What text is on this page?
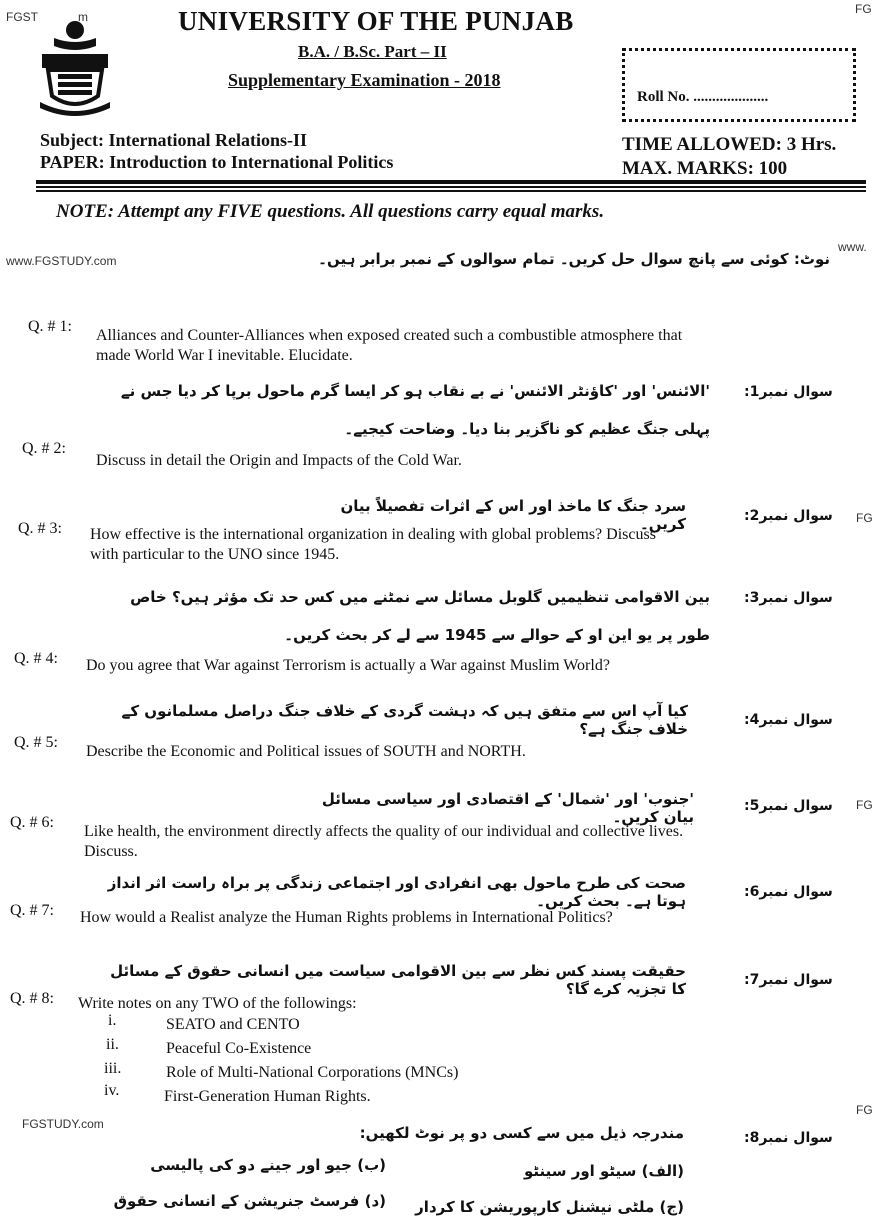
FGST	m
FG
www.
www.FGSTUDY.com
FG
FG
FG
FGSTUDY.com
UNIVERSITY OF THE PUNJAB
B.A. / B.Sc. Part – II
Supplementary Examination - 2018
Roll No. ....................
Subject: International Relations-II
PAPER: Introduction to International Politics
TIME ALLOWED: 3 Hrs.
MAX. MARKS: 100
NOTE: Attempt any FIVE questions. All questions carry equal marks.
نوٹ: کوئی سے پانچ سوال حل کریں۔ تمام سوالوں کے نمبر برابر ہیں۔
Q. # 1:
Alliances and Counter-Alliances when exposed created such a combustible atmosphere that made World War I inevitable. Elucidate.
'الائنس' اور 'کاؤنٹر الائنس' نے بے نقاب ہو کر ایسا گرم ماحول برپا کر دیا جس نے پہلی جنگ عظیم کو ناگزیر بنا دیا۔ وضاحت کیجیے۔
سوال نمبر1:
Q. # 2:
Discuss in detail the Origin and Impacts of the Cold War.
سرد جنگ کا ماخذ اور اس کے اثرات تفصیلاً بیان کریں۔	سوال نمبر2:
Q. # 3: How effective is the international organization in dealing with global problems? Discuss with particular to the UNO since 1945.
بین الاقوامی تنظیمیں گلوبل مسائل سے نمٹنے میں کس حد تک مؤثر ہیں؟ خاص طور پر یو این او کے حوالے سے 1945 سے لے کر بحث کریں۔
سوال نمبر3:
Q. # 4: Do you agree that War against Terrorism is actually a War against Muslim World?
کیا آپ اس سے متفق ہیں کہ دہشت گردی کے خلاف جنگ دراصل مسلمانوں کے خلاف جنگ ہے؟	سوال نمبر4:
Q. # 5:
Describe the Economic and Political issues of SOUTH and NORTH.
'جنوب' اور 'شمال' کے اقتصادی اور سیاسی مسائل بیان کریں۔
سوال نمبر5:
Q. # 6:
Like health, the environment directly affects the quality of our individual and collective lives. Discuss.
صحت کی طرح ماحول بھی انفرادی اور اجتماعی زندگی پر براہ راست اثر انداز ہوتا ہے۔ بحث کریں۔	سوال نمبر6:
Q. # 7: How would a Realist analyze the Human Rights problems in International Politics?
حقیقت پسند کس نظر سے بین الاقوامی سیاست میں انسانی حقوق کے مسائل کا تجزیہ کرے گا؟	سوال نمبر7:
Q. # 8: Write notes on any TWO of the followings:
i.	SEATO and CENTO
ii.	Peaceful Co-Existence
iii.	Role of Multi-National Corporations (MNCs)
iv.	First-Generation Human Rights.
مندرجہ ذیل میں سے کسی دو پر نوٹ لکھیں:	سوال نمبر8:
(ب) جیو اور جینے دو کی پالیسی	(الف) سیٹو اور سینٹو
(د) فرسٹ جنریشن کے انسانی حقوق	(ج) ملٹی نیشنل کارپوریشن کا کردار
